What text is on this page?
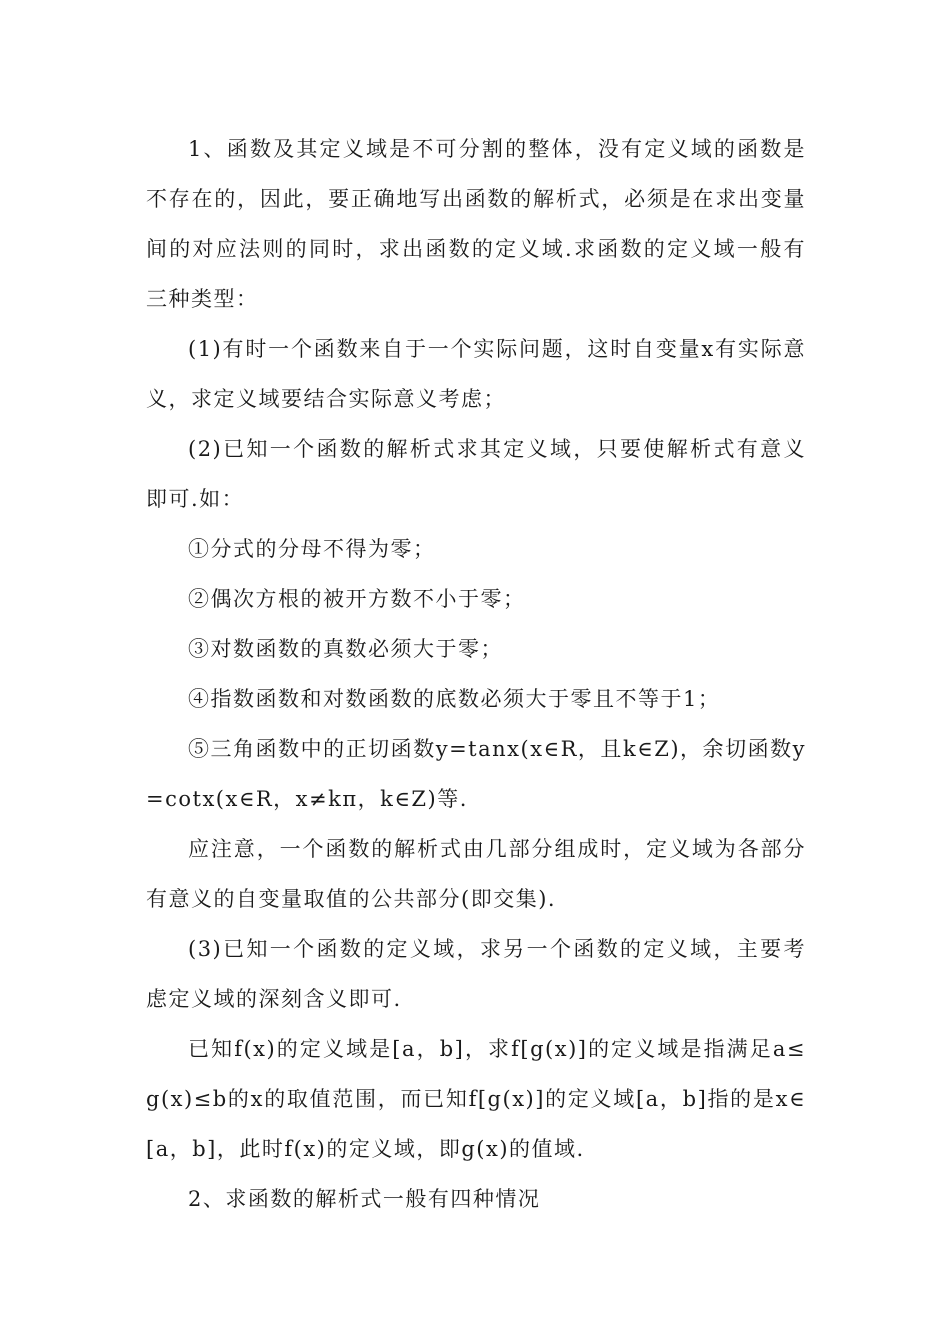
1、函数及其定义域是不可分割的整体，没有定义域的函数是不存在的，因此，要正确地写出函数的解析式，必须是在求出变量间的对应法则的同时，求出函数的定义域.求函数的定义域一般有三种类型：

(1)有时一个函数来自于一个实际问题，这时自变量x有实际意义，求定义域要结合实际意义考虑；

(2)已知一个函数的解析式求其定义域，只要使解析式有意义即可.如：

①分式的分母不得为零；

②偶次方根的被开方数不小于零；

③对数函数的真数必须大于零；

④指数函数和对数函数的底数必须大于零且不等于1；

⑤三角函数中的正切函数y=tanx(x∈R，且k∈Z)，余切函数y=cotx(x∈R，x≠kπ，k∈Z)等.

应注意，一个函数的解析式由几部分组成时，定义域为各部分有意义的自变量取值的公共部分(即交集).

(3)已知一个函数的定义域，求另一个函数的定义域，主要考虑定义域的深刻含义即可.

已知f(x)的定义域是[a，b]，求f[g(x)]的定义域是指满足a≤g(x)≤b的x的取值范围，而已知f[g(x)]的定义域[a，b]指的是x∈[a，b]，此时f(x)的定义域，即g(x)的值域.

2、求函数的解析式一般有四种情况
